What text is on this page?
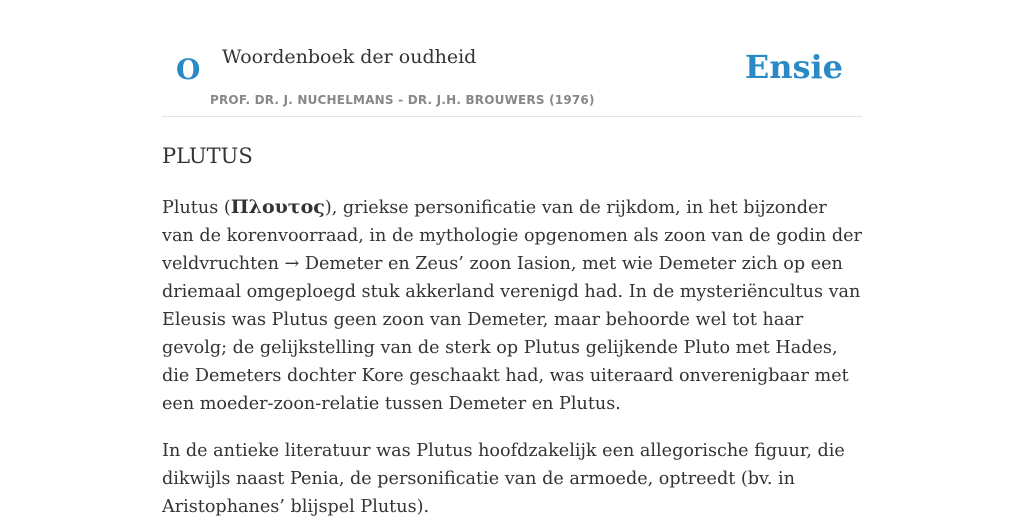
O Woordenboek der oudheid
PROF. DR. J. NUCHELMANS - DR. J.H. BROUWERS (1976)
Ensie
PLUTUS

Plutus (Πλουτος), griekse personificatie van de rijkdom, in het bijzonder van de korenvoorraad, in de mythologie opgenomen als zoon van de godin der veldvruchten → Demeter en Zeus’ zoon Iasion, met wie Demeter zich op een driemaal omgeploegd stuk akkerland verenigd had. In de mysteriëncultus van Eleusis was Plutus geen zoon van Demeter, maar behoorde wel tot haar gevolg; de gelijkstelling van de sterk op Plutus gelijkende Pluto met Hades, die Demeters dochter Kore geschaakt had, was uiteraard onverenigbaar met een moeder-zoon-relatie tussen Demeter en Plutus.

In de antieke literatuur was Plutus hoofdzakelijk een allegorische figuur, die dikwijls naast Penia, de personificatie van de armoede, optreedt (bv. in Aristophanes’ blijspel Plutus).
